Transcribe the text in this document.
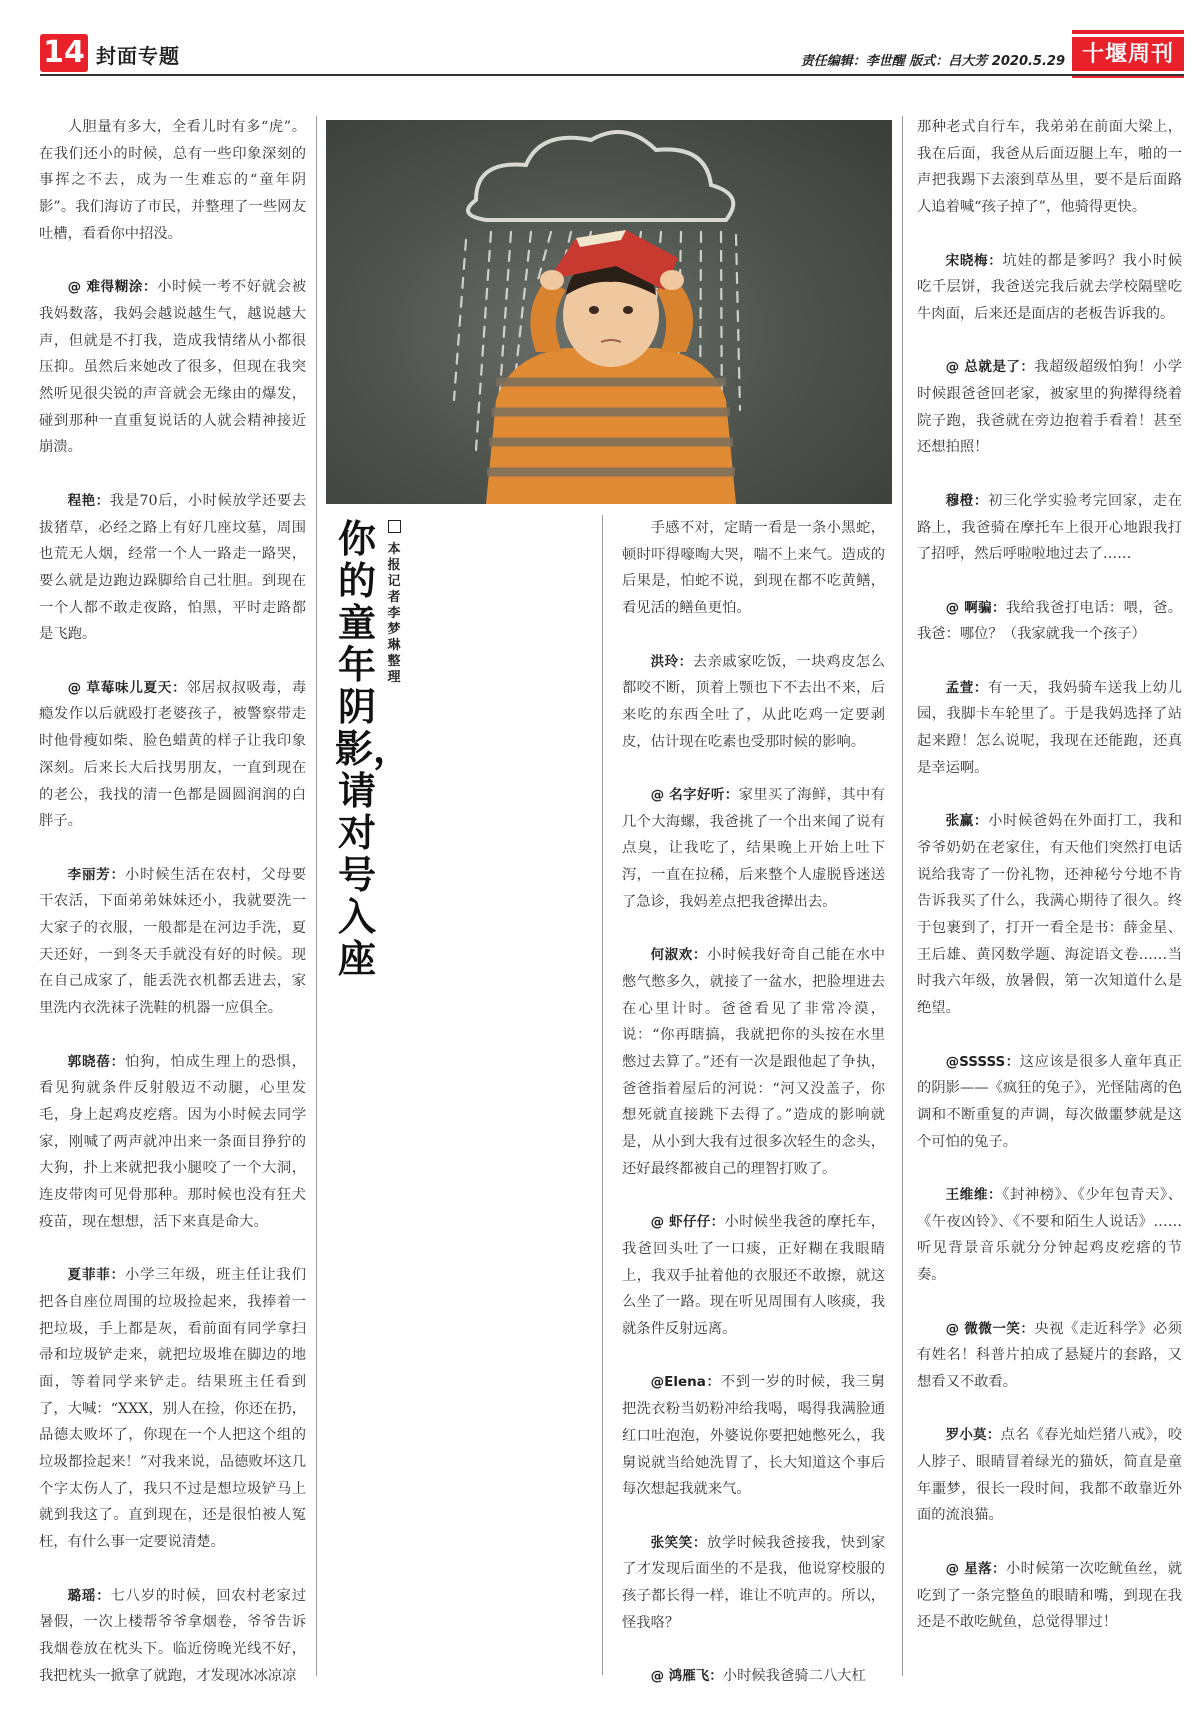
14 封面专题	责任编辑：李世醒 版式：吕大芳 2020.5.29 十堰周刊

人胆量有多大，全看儿时有多“虎”。在我们还小的时候，总有一些印象深刻的事挥之不去，成为一生难忘的“童年阴影”。我们海访了市民，并整理了一些网友吐槽，看看你中招没。

@ 难得糊涂：小时候一考不好就会被我妈数落，我妈会越说越生气，越说越大声，但就是不打我，造成我情绪从小都很压抑。虽然后来她改了很多，但现在我突然听见很尖锐的声音就会无缘由的爆发，碰到那种一直重复说话的人就会精神接近崩溃。

程艳：我是70后，小时候放学还要去拔猪草，必经之路上有好几座坟墓，周围也荒无人烟，经常一个人一路走一路哭，要么就是边跑边跺脚给自己壮胆。到现在一个人都不敢走夜路，怕黑，平时走路都是飞跑。

@ 草莓味儿夏天：邻居叔叔吸毒，毒瘾发作以后就殴打老婆孩子，被警察带走时他骨瘦如柴、脸色蜡黄的样子让我印象深刻。后来长大后找男朋友，一直到现在的老公，我找的清一色都是圆圆润润的白胖子。

李丽芳：小时候生活在农村，父母要干农活，下面弟弟妹妹还小，我就要洗一大家子的衣服，一般都是在河边手洗，夏天还好，一到冬天手就没有好的时候。现在自己成家了，能丢洗衣机都丢进去，家里洗内衣洗袜子洗鞋的机器一应俱全。

郭晓蓓：怕狗，怕成生理上的恐惧，看见狗就条件反射般迈不动腿，心里发毛，身上起鸡皮疙瘩。因为小时候去同学家，刚喊了两声就冲出来一条面目狰狞的大狗，扑上来就把我小腿咬了一个大洞，连皮带肉可见骨那种。那时候也没有狂犬疫苗，现在想想，活下来真是命大。

夏菲菲：小学三年级，班主任让我们把各自座位周围的垃圾捡起来，我捧着一把垃圾，手上都是灰，看前面有同学拿扫帚和垃圾铲走来，就把垃圾堆在脚边的地面，等着同学来铲走。结果班主任看到了，大喊：“XXX，别人在捡，你还在扔，品德太败坏了，你现在一个人把这个组的垃圾都捡起来！”对我来说，品德败坏这几个字太伤人了，我只不过是想垃圾铲马上就到我这了。直到现在，还是很怕被人冤枉，有什么事一定要说清楚。

璐瑶：七八岁的时候，回农村老家过暑假，一次上楼帮爷爷拿烟卷，爷爷告诉我烟卷放在枕头下。临近傍晚光线不好，我把枕头一掀拿了就跑，才发现冰冰凉凉

你的童年阴影，请对号入座
本报记者 李梦琳 整理

手感不对，定睛一看是一条小黑蛇，顿时吓得嚎啕大哭，喘不上来气。造成的后果是，怕蛇不说，到现在都不吃黄鳝，看见活的鳝鱼更怕。

洪玲：去亲戚家吃饭，一块鸡皮怎么都咬不断，顶着上颚也下不去出不来，后来吃的东西全吐了，从此吃鸡一定要剥皮，估计现在吃素也受那时候的影响。

@ 名字好听：家里买了海鲜，其中有几个大海螺，我爸挑了一个出来闻了说有点臭，让我吃了，结果晚上开始上吐下泻，一直在拉稀，后来整个人虚脱昏迷送了急诊，我妈差点把我爸撵出去。

何淑欢：小时候我好奇自己能在水中憋气憋多久，就接了一盆水，把脸埋进去在心里计时。爸爸看见了非常冷漠，说：“你再瞎搞，我就把你的头按在水里憋过去算了。”还有一次是跟他起了争执，爸爸指着屋后的河说：“河又没盖子，你想死就直接跳下去得了。”造成的影响就是，从小到大我有过很多次轻生的念头，还好最终都被自己的理智打败了。

@ 虾仔仔：小时候坐我爸的摩托车，我爸回头吐了一口痰，正好糊在我眼睛上，我双手扯着他的衣服还不敢擦，就这么坐了一路。现在听见周围有人咳痰，我就条件反射远离。

@Elena：不到一岁的时候，我三舅把洗衣粉当奶粉冲给我喝，喝得我满脸通红口吐泡泡，外婆说你要把她憋死么，我舅说就当给她洗胃了，长大知道这个事后每次想起我就来气。

张笑笑：放学时候我爸接我，快到家了才发现后面坐的不是我，他说穿校服的孩子都长得一样，谁让不吭声的。所以，怪我咯？

@ 鸿雁飞：小时候我爸骑二八大杠

那种老式自行车，我弟弟在前面大梁上，我在后面，我爸从后面迈腿上车，啪的一声把我踢下去滚到草丛里，要不是后面路人追着喊“孩子掉了”，他骑得更快。

宋晓梅：坑娃的都是爹吗？我小时候吃千层饼，我爸送完我后就去学校隔壁吃牛肉面，后来还是面店的老板告诉我的。

@ 总就是了：我超级超级怕狗！小学时候跟爸爸回老家，被家里的狗撵得绕着院子跑，我爸就在旁边抱着手看着！甚至还想拍照！

穆橙：初三化学实验考完回家，走在路上，我爸骑在摩托车上很开心地跟我打了招呼，然后呼啦啦地过去了……

@ 啊骗：我给我爸打电话：喂，爸。我爸：哪位？（我家就我一个孩子）

孟萱：有一天，我妈骑车送我上幼儿园，我脚卡车轮里了。于是我妈选择了站起来蹬！怎么说呢，我现在还能跑，还真是幸运啊。

张赢：小时候爸妈在外面打工，我和爷爷奶奶在老家住，有天他们突然打电话说给我寄了一份礼物，还神秘兮兮地不肯告诉我买了什么，我满心期待了很久。终于包裹到了，打开一看全是书：薛金星、王后雄、黄冈数学题、海淀语文卷……当时我六年级，放暑假，第一次知道什么是绝望。

@SSSSS：这应该是很多人童年真正的阴影——《疯狂的兔子》，光怪陆离的色调和不断重复的声调，每次做噩梦就是这个可怕的兔子。

王维维：《封神榜》、《少年包青天》、《午夜凶铃》、《不要和陌生人说话》……听见背景音乐就分分钟起鸡皮疙瘩的节奏。

@ 微微一笑：央视《走近科学》必须有姓名！科普片拍成了悬疑片的套路，又想看又不敢看。

罗小莫：点名《春光灿烂猪八戒》，咬人脖子、眼睛冒着绿光的猫妖，简直是童年噩梦，很长一段时间，我都不敢靠近外面的流浪猫。

@ 星落：小时候第一次吃鱿鱼丝，就吃到了一条完整鱼的眼睛和嘴，到现在我还是不敢吃鱿鱼，总觉得罪过！
